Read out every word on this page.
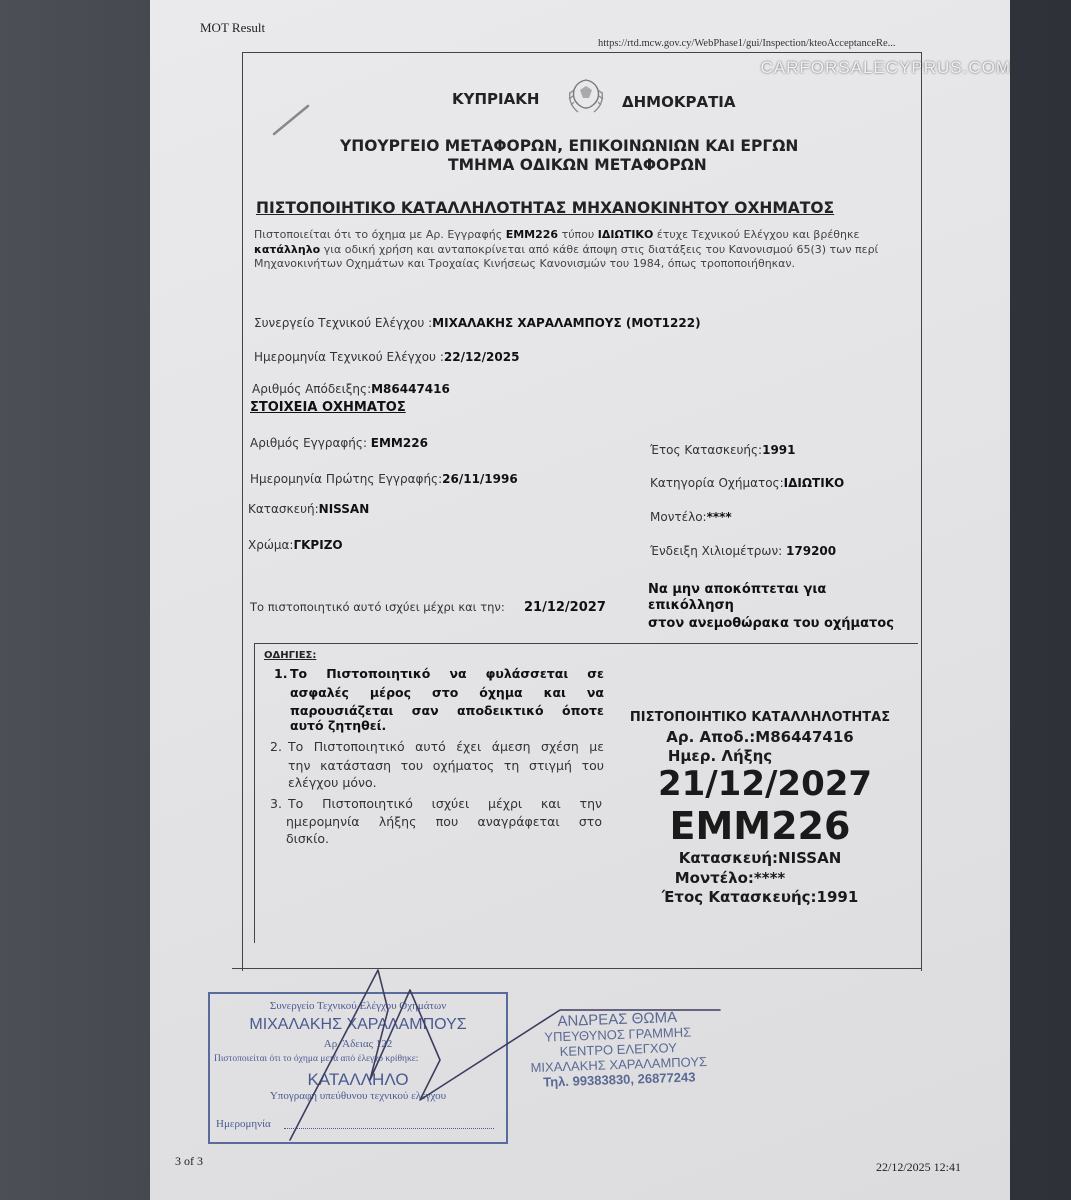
CARFORSALECYPRUS.COM
MOT Result
https://rtd.mcw.gov.cy/WebPhase1/gui/Inspection/kteoAcceptanceRe...
ΚΥΠΡΙΑΚΗ	ΔΗΜΟΚΡΑΤΙΑ
ΥΠΟΥΡΓΕΙΟ ΜΕΤΑΦΟΡΩΝ, ΕΠΙΚΟΙΝΩΝΙΩΝ ΚΑΙ ΕΡΓΩΝ
ΤΜΗΜΑ ΟΔΙΚΩΝ ΜΕΤΑΦΟΡΩΝ
ΠΙΣΤΟΠΟΙΗΤΙΚΟ ΚΑΤΑΛΛΗΛΟΤΗΤΑΣ ΜΗΧΑΝΟΚΙΝΗΤΟΥ ΟΧΗΜΑΤΟΣ
Πιστοποιείται ότι το όχημα με Αρ. Εγγραφής EMM226 τύπου ΙΔΙΩΤΙΚΟ έτυχε Τεχνικού Ελέγχου και βρέθηκε κατάλληλο για οδική χρήση και ανταποκρίνεται από κάθε άποψη στις διατάξεις του Κανονισμού 65(3) των περί Μηχανοκινήτων Οχημάτων και Τροχαίας Κινήσεως Κανονισμών του 1984, όπως τροποποιήθηκαν.
Συνεργείο Τεχνικού Ελέγχου :ΜΙΧΑΛΑΚΗΣ ΧΑΡΑΛΑΜΠΟΥΣ (MOT1222)
Ημερομηνία Τεχνικού Ελέγχου :22/12/2025
Αριθμός Απόδειξης:M86447416
ΣΤΟΙΧΕΙΑ ΟΧΗΜΑΤΟΣ
Αριθμός Εγγραφής: EMM226
Ημερομηνία Πρώτης Εγγραφής:26/11/1996
Κατασκευή:NISSAN
Χρώμα:ΓΚΡΙΖΟ
Έτος Κατασκευής:1991
Κατηγορία Οχήματος:ΙΔΙΩΤΙΚΟ
Μοντέλο:****
Ένδειξη Χιλιομέτρων: 179200
Το πιστοποιητικό αυτό ισχύει μέχρι και την: 21/12/2027
Να μην αποκόπτεται για
επικόλληση
στον ανεμοθώρακα του οχήματος
ΟΔΗΓΙΕΣ:
1. Το Πιστοποιητικό να φυλάσσεται σε
ασφαλές μέρος στο όχημα και να
παρουσιάζεται σαν αποδεικτικό όποτε
αυτό ζητηθεί.
2. Το Πιστοποιητικό αυτό έχει άμεση σχέση με
την κατάσταση του οχήματος τη στιγμή του
ελέγχου μόνο.
3. Το Πιστοποιητικό ισχύει μέχρι και την
ημερομηνία λήξης που αναγράφεται στο
δισκίο.
ΠΙΣΤΟΠΟΙΗΤΙΚΟ ΚΑΤΑΛΛΗΛΟΤΗΤΑΣ
Αρ. Αποδ.:M86447416
Ημερ. Λήξης
21/12/2027
EMM226
Κατασκευή:NISSAN
Μοντέλο:****
Έτος Κατασκευής:1991
Συνεργείο Τεχνικού Ελέγχου Οχημάτων
ΜΙΧΑΛΑΚΗΣ ΧΑΡΑΛΑΜΠΟΥΣ
Αρ. Άδειας 122
Πιστοποιείται ότι το όχημα μετά από έλεγχο κρίθηκε:
ΚΑΤΑΛΛΗΛΟ
Υπογραφή υπεύθυνου τεχνικού ελέγχου
Ημερομηνία
ΑΝΔΡΕΑΣ ΘΩΜΑ
ΥΠΕΥΘΥΝΟΣ ΓΡΑΜΜΗΣ
ΚΕΝΤΡΟ ΕΛΕΓΧΟΥ
ΜΙΧΑΛΑΚΗΣ ΧΑΡΑΛΑΜΠΟΥΣ
Τηλ. 99383830, 26877243
3 of 3	22/12/2025 12:41
